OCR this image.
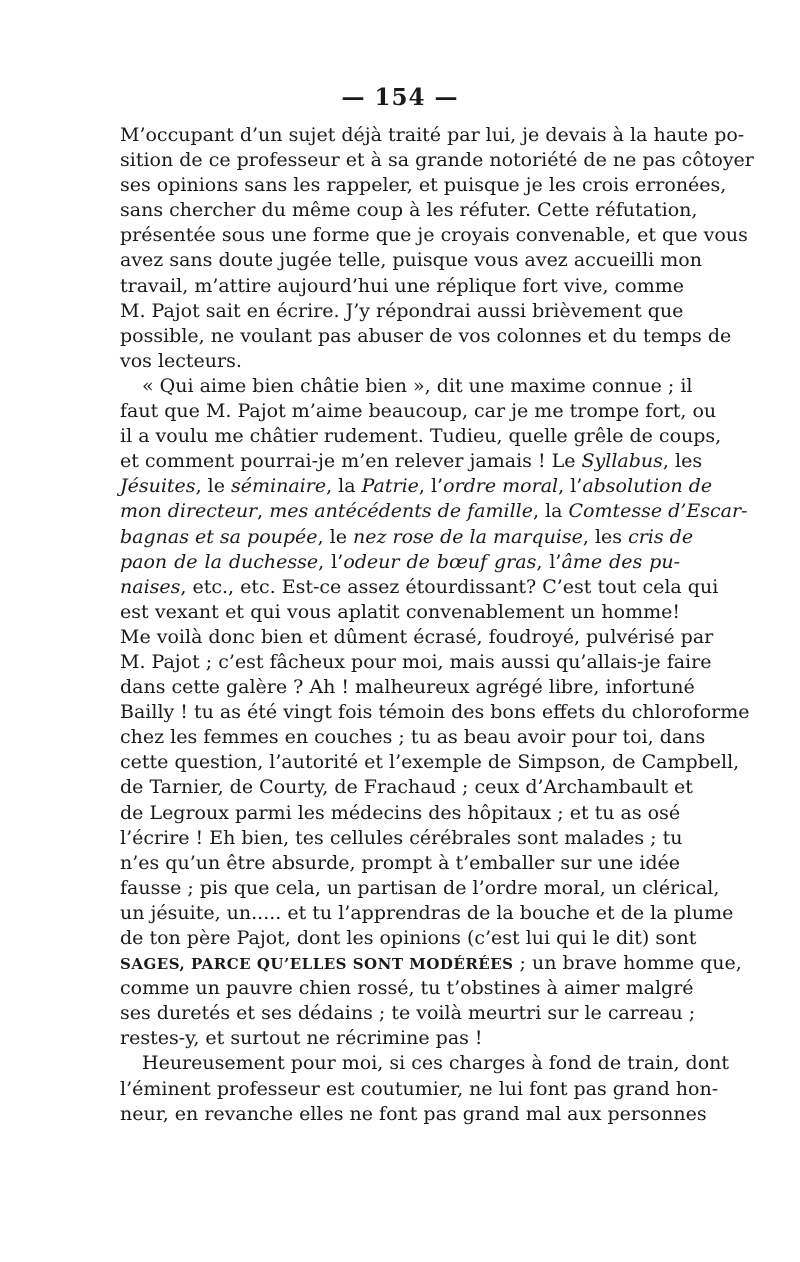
— 154 —
M’occupant d’un sujet déjà traité par lui, je devais à la haute po-
sition de ce professeur et à sa grande notoriété de ne pas côtoyer
ses opinions sans les rappeler, et puisque je les crois erronées,
sans chercher du même coup à les réfuter. Cette réfutation,
présentée sous une forme que je croyais convenable, et que vous
avez sans doute jugée telle, puisque vous avez accueilli mon
travail, m’attire aujourd’hui une réplique fort vive, comme
M. Pajot sait en écrire. J’y répondrai aussi brièvement que
possible, ne voulant pas abuser de vos colonnes et du temps de
vos lecteurs.
« Qui aime bien châtie bien », dit une maxime connue ; il
faut que M. Pajot m’aime beaucoup, car je me trompe fort, ou
il a voulu me châtier rudement. Tudieu, quelle grêle de coups,
et comment pourrai-je m’en relever jamais ! Le Syllabus, les
Jésuites, le séminaire, la Patrie, l’ordre moral, l’absolution de
mon directeur, mes antécédents de famille, la Comtesse d’Escar-
bagnas et sa poupée, le nez rose de la marquise, les cris de
paon de la duchesse, l’odeur de bœuf gras, l’âme des pu-
naises, etc., etc. Est-ce assez étourdissant? C’est tout cela qui
est vexant et qui vous aplatit convenablement un homme!
Me voilà donc bien et dûment écrasé, foudroyé, pulvérisé par
M. Pajot ; c’est fâcheux pour moi, mais aussi qu’allais-je faire
dans cette galère ? Ah ! malheureux agrégé libre, infortuné
Bailly ! tu as été vingt fois témoin des bons effets du chloroforme
chez les femmes en couches ; tu as beau avoir pour toi, dans
cette question, l’autorité et l’exemple de Simpson, de Campbell,
de Tarnier, de Courty, de Frachaud ; ceux d’Archambault et
de Legroux parmi les médecins des hôpitaux ; et tu as osé
l’écrire ! Eh bien, tes cellules cérébrales sont malades ; tu
n’es qu’un être absurde, prompt à t’emballer sur une idée
fausse ; pis que cela, un partisan de l’ordre moral, un clérical,
un jésuite, un..... et tu l’apprendras de la bouche et de la plume
de ton père Pajot, dont les opinions (c’est lui qui le dit) sont
SAGES, PARCE QU’ELLES SONT MODÉRÉES ; un brave homme que,
comme un pauvre chien rossé, tu t’obstines à aimer malgré
ses duretés et ses dédains ; te voilà meurtri sur le carreau ;
restes-y, et surtout ne récrimine pas !
Heureusement pour moi, si ces charges à fond de train, dont
l’éminent professeur est coutumier, ne lui font pas grand hon-
neur, en revanche elles ne font pas grand mal aux personnes
